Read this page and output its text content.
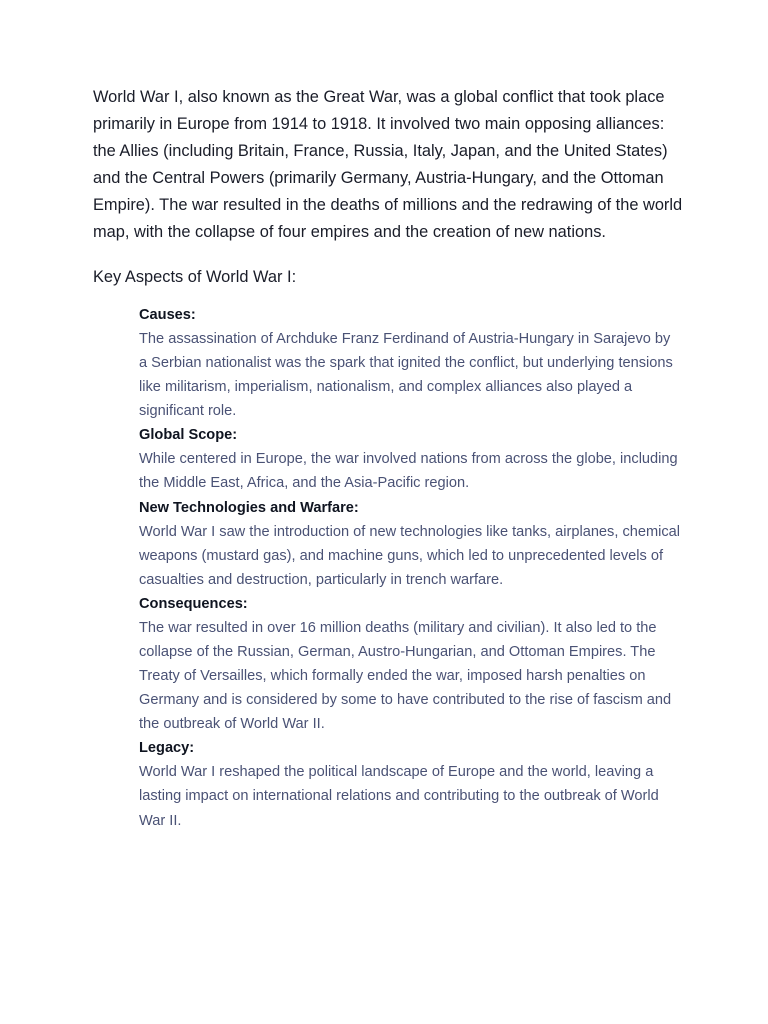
World War I, also known as the Great War, was a global conflict that took place primarily in Europe from 1914 to 1918. It involved two main opposing alliances: the Allies (including Britain, France, Russia, Italy, Japan, and the United States) and the Central Powers (primarily Germany, Austria-Hungary, and the Ottoman Empire). The war resulted in the deaths of millions and the redrawing of the world map, with the collapse of four empires and the creation of new nations.

Key Aspects of World War I:
Causes:

The assassination of Archduke Franz Ferdinand of Austria-Hungary in Sarajevo by a Serbian nationalist was the spark that ignited the conflict, but underlying tensions like militarism, imperialism, nationalism, and complex alliances also played a significant role.

Global Scope:

While centered in Europe, the war involved nations from across the globe, including the Middle East, Africa, and the Asia-Pacific region.

New Technologies and Warfare:

World War I saw the introduction of new technologies like tanks, airplanes, chemical weapons (mustard gas), and machine guns, which led to unprecedented levels of casualties and destruction, particularly in trench warfare.

Consequences:

The war resulted in over 16 million deaths (military and civilian). It also led to the collapse of the Russian, German, Austro-Hungarian, and Ottoman Empires. The Treaty of Versailles, which formally ended the war, imposed harsh penalties on Germany and is considered by some to have contributed to the rise of fascism and the outbreak of World War II.

Legacy:

World War I reshaped the political landscape of Europe and the world, leaving a lasting impact on international relations and contributing to the outbreak of World War II.
